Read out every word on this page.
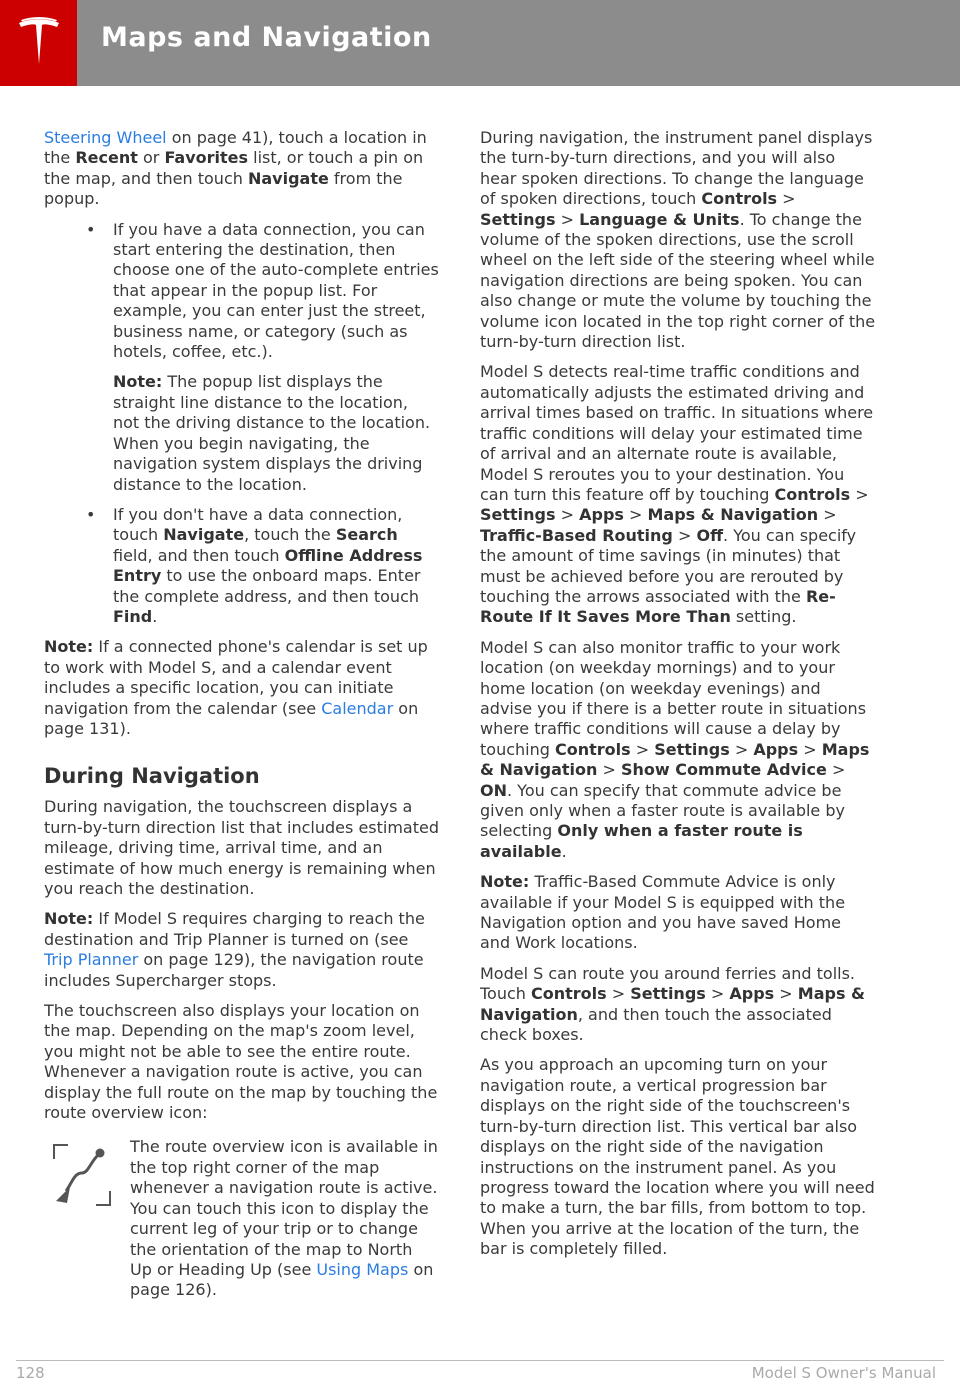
Maps and Navigation

Steering Wheel on page 41), touch a location in the Recent or Favorites list, or touch a pin on the map, and then touch Navigate from the popup.

• If you have a data connection, you can start entering the destination, then choose one of the auto-complete entries that appear in the popup list. For example, you can enter just the street, business name, or category (such as hotels, coffee, etc.).

Note: The popup list displays the straight line distance to the location, not the driving distance to the location. When you begin navigating, the navigation system displays the driving distance to the location.

• If you don't have a data connection, touch Navigate, touch the Search field, and then touch Offline Address Entry to use the onboard maps. Enter the complete address, and then touch Find.

Note: If a connected phone's calendar is set up to work with Model S, and a calendar event includes a specific location, you can initiate navigation from the calendar (see Calendar on page 131).

During Navigation

During navigation, the touchscreen displays a turn-by-turn direction list that includes estimated mileage, driving time, arrival time, and an estimate of how much energy is remaining when you reach the destination.

Note: If Model S requires charging to reach the destination and Trip Planner is turned on (see Trip Planner on page 129), the navigation route includes Supercharger stops.

The touchscreen also displays your location on the map. Depending on the map's zoom level, you might not be able to see the entire route. Whenever a navigation route is active, you can display the full route on the map by touching the route overview icon:

The route overview icon is available in the top right corner of the map whenever a navigation route is active. You can touch this icon to display the current leg of your trip or to change the orientation of the map to North Up or Heading Up (see Using Maps on page 126).

During navigation, the instrument panel displays the turn-by-turn directions, and you will also hear spoken directions. To change the language of spoken directions, touch Controls > Settings > Language & Units. To change the volume of the spoken directions, use the scroll wheel on the left side of the steering wheel while navigation directions are being spoken. You can also change or mute the volume by touching the volume icon located in the top right corner of the turn-by-turn direction list.

Model S detects real-time traffic conditions and automatically adjusts the estimated driving and arrival times based on traffic. In situations where traffic conditions will delay your estimated time of arrival and an alternate route is available, Model S reroutes you to your destination. You can turn this feature off by touching Controls > Settings > Apps > Maps & Navigation > Traffic-Based Routing > Off. You can specify the amount of time savings (in minutes) that must be achieved before you are rerouted by touching the arrows associated with the Re-Route If It Saves More Than setting.

Model S can also monitor traffic to your work location (on weekday mornings) and to your home location (on weekday evenings) and advise you if there is a better route in situations where traffic conditions will cause a delay by touching Controls > Settings > Apps > Maps & Navigation > Show Commute Advice > ON. You can specify that commute advice be given only when a faster route is available by selecting Only when a faster route is available.

Note: Traffic-Based Commute Advice is only available if your Model S is equipped with the Navigation option and you have saved Home and Work locations.

Model S can route you around ferries and tolls. Touch Controls > Settings > Apps > Maps & Navigation, and then touch the associated check boxes.

As you approach an upcoming turn on your navigation route, a vertical progression bar displays on the right side of the touchscreen's turn-by-turn direction list. This vertical bar also displays on the right side of the navigation instructions on the instrument panel. As you progress toward the location where you will need to make a turn, the bar fills, from bottom to top. When you arrive at the location of the turn, the bar is completely filled.

128	Model S Owner's Manual
